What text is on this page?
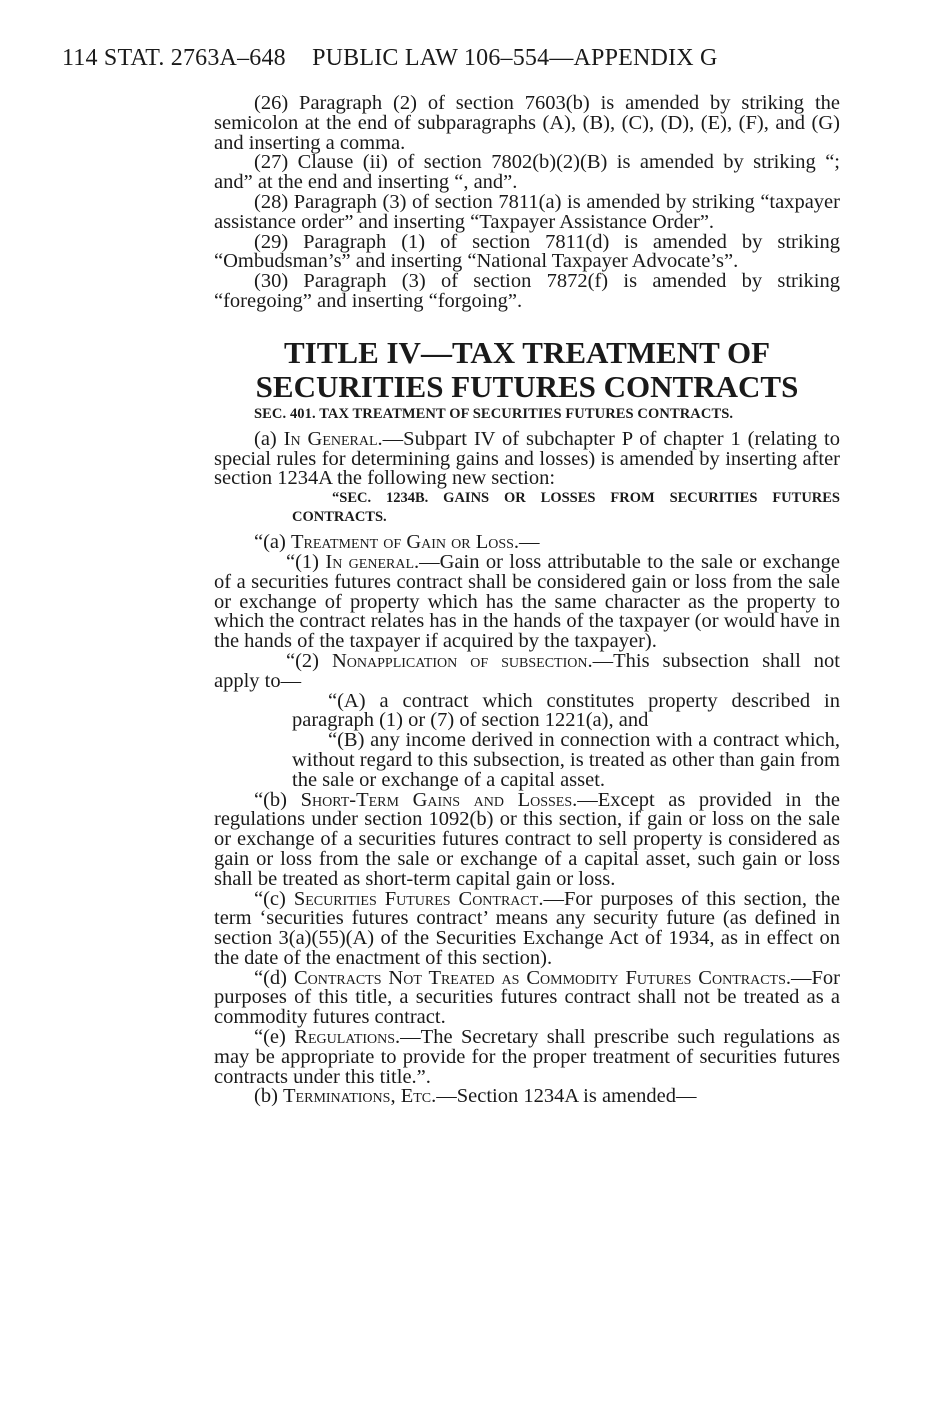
114 STAT. 2763A–648 PUBLIC LAW 106–554—APPENDIX G

(26) Paragraph (2) of section 7603(b) is amended by striking the semicolon at the end of subparagraphs (A), (B), (C), (D), (E), (F), and (G) and inserting a comma.

(27) Clause (ii) of section 7802(b)(2)(B) is amended by striking “; and” at the end and inserting “, and”.

(28) Paragraph (3) of section 7811(a) is amended by striking “taxpayer assistance order” and inserting “Taxpayer Assistance Order”.

(29) Paragraph (1) of section 7811(d) is amended by striking “Ombudsman’s” and inserting “National Taxpayer Advocate’s”.

(30) Paragraph (3) of section 7872(f) is amended by striking “foregoing” and inserting “forgoing”.

TITLE IV—TAX TREATMENT OF
SECURITIES FUTURES CONTRACTS

SEC. 401. TAX TREATMENT OF SECURITIES FUTURES CONTRACTS.

(a) In General.—Subpart IV of subchapter P of chapter 1 (relating to special rules for determining gains and losses) is amended by inserting after section 1234A the following new section:

“SEC. 1234B. GAINS OR LOSSES FROM SECURITIES FUTURES CONTRACTS.

“(a) Treatment of Gain or Loss.—

“(1) In general.—Gain or loss attributable to the sale or exchange of a securities futures contract shall be considered gain or loss from the sale or exchange of property which has the same character as the property to which the contract relates has in the hands of the taxpayer (or would have in the hands of the taxpayer if acquired by the taxpayer).

“(2) Nonapplication of subsection.—This subsection shall not apply to—

“(A) a contract which constitutes property described in paragraph (1) or (7) of section 1221(a), and

“(B) any income derived in connection with a contract which, without regard to this subsection, is treated as other than gain from the sale or exchange of a capital asset.

“(b) Short-Term Gains and Losses.—Except as provided in the regulations under section 1092(b) or this section, if gain or loss on the sale or exchange of a securities futures contract to sell property is considered as gain or loss from the sale or exchange of a capital asset, such gain or loss shall be treated as short-term capital gain or loss.

“(c) Securities Futures Contract.—For purposes of this section, the term ‘securities futures contract’ means any security future (as defined in section 3(a)(55)(A) of the Securities Exchange Act of 1934, as in effect on the date of the enactment of this section).

“(d) Contracts Not Treated as Commodity Futures Contracts.—For purposes of this title, a securities futures contract shall not be treated as a commodity futures contract.

“(e) Regulations.—The Secretary shall prescribe such regulations as may be appropriate to provide for the proper treatment of securities futures contracts under this title.”.

(b) Terminations, Etc.—Section 1234A is amended—
